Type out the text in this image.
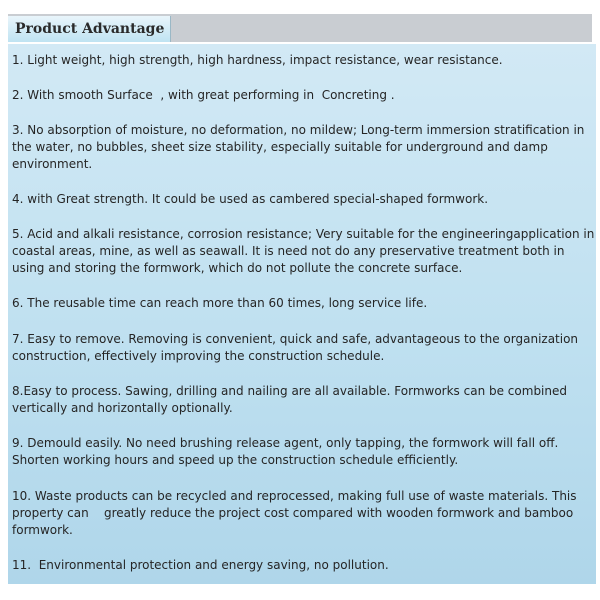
Product Advantage

1. Light weight, high strength, high hardness, impact resistance, wear resistance.

2. With smooth Surface  , with great performing in  Concreting .

3. No absorption of moisture, no deformation, no mildew; Long-term immersion stratification in the water, no bubbles, sheet size stability, especially suitable for underground and damp environment.

4. with Great strength. It could be used as cambered special-shaped formwork.

5. Acid and alkali resistance, corrosion resistance; Very suitable for the engineeringapplication in coastal areas, mine, as well as seawall. It is need not do any preservative treatment both in using and storing the formwork, which do not pollute the concrete surface.

6. The reusable time can reach more than 60 times, long service life.

7. Easy to remove. Removing is convenient, quick and safe, advantageous to the organization construction, effectively improving the construction schedule.

8.Easy to process. Sawing, drilling and nailing are all available. Formworks can be combined vertically and horizontally optionally.

9. Demould easily. No need brushing release agent, only tapping, the formwork will fall off. Shorten working hours and speed up the construction schedule efficiently.

10. Waste products can be recycled and reprocessed, making full use of waste materials. This property can    greatly reduce the project cost compared with wooden formwork and bamboo formwork.

11.  Environmental protection and energy saving, no pollution.
